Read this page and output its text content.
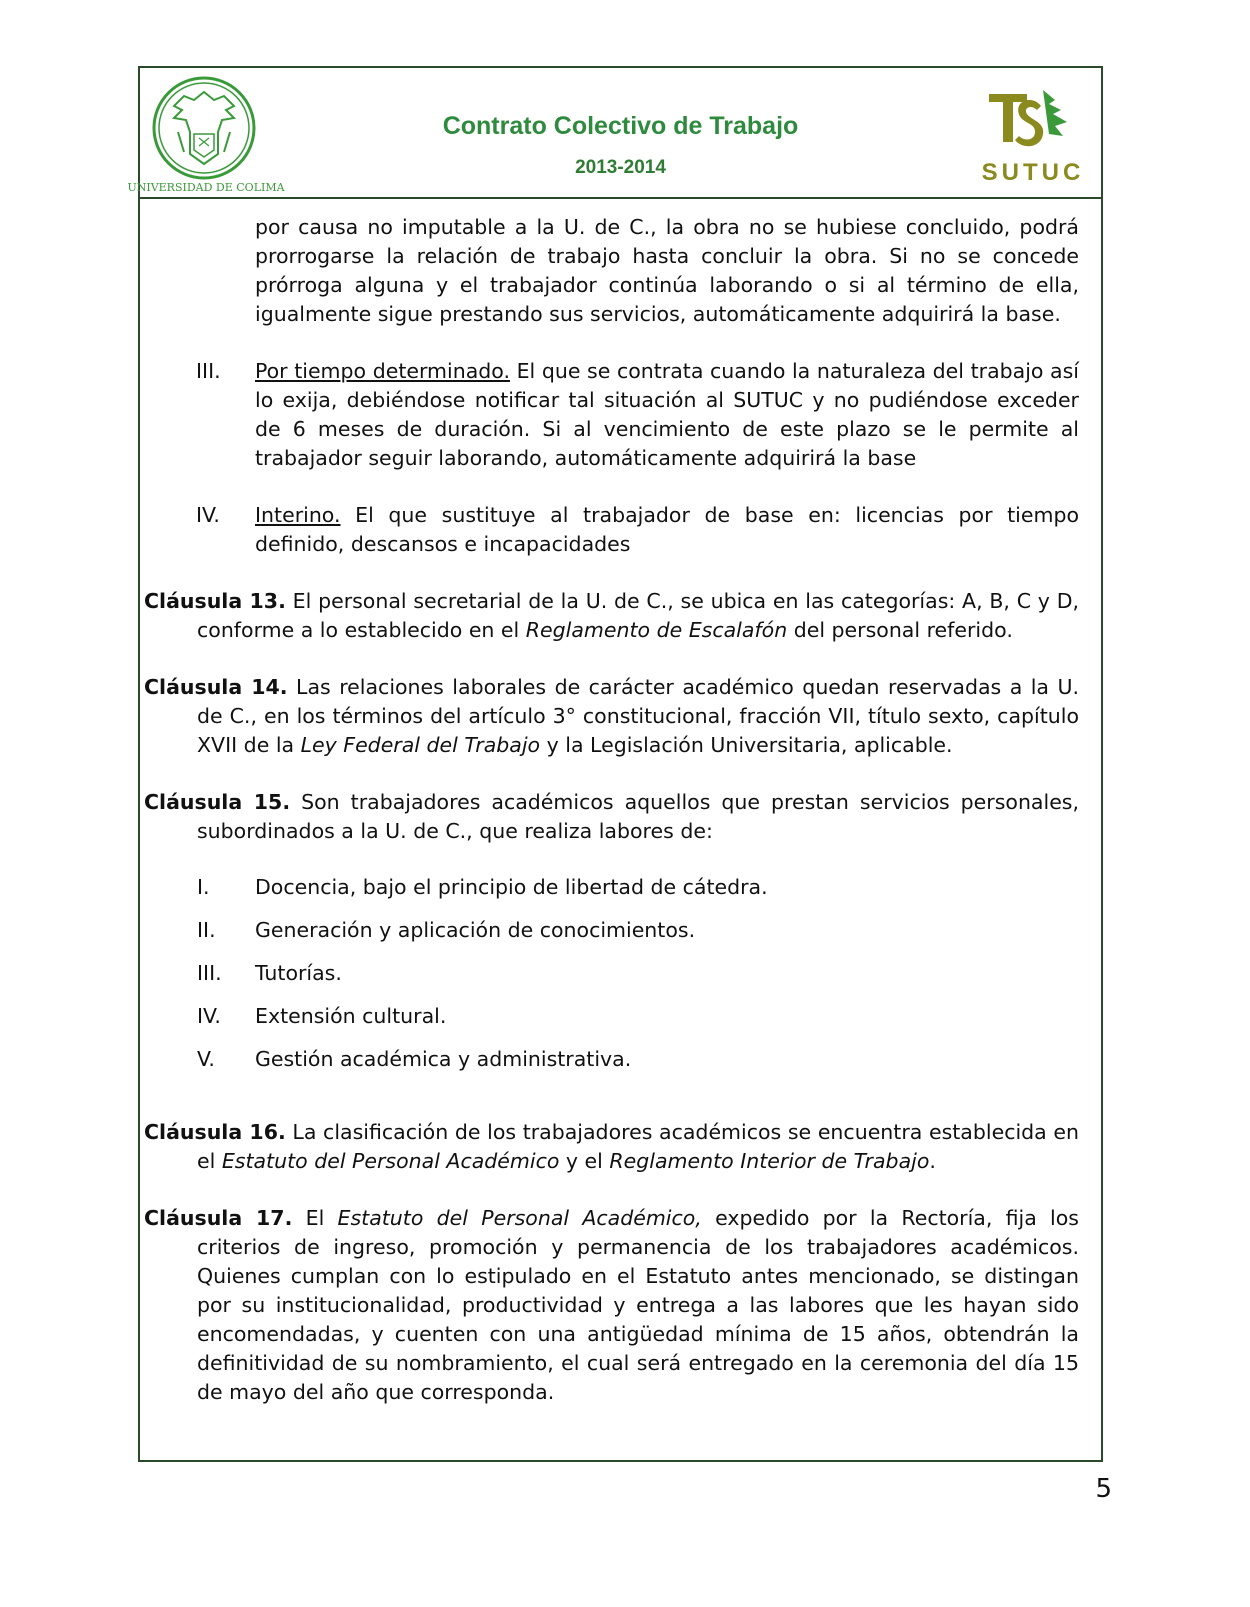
UNIVERSIDAD DE COLIMA
Contrato Colectivo de Trabajo
2013-2014	SUTUC

por causa no imputable a la U. de C., la obra no se hubiese concluido, podrá prorrogarse la relación de trabajo hasta concluir la obra. Si no se concede prórroga alguna y el trabajador continúa laborando o si al término de ella, igualmente sigue prestando sus servicios, automáticamente adquirirá la base.

III. Por tiempo determinado. El que se contrata cuando la naturaleza del trabajo así lo exija, debiéndose notificar tal situación al SUTUC y no pudiéndose exceder de 6 meses de duración. Si al vencimiento de este plazo se le permite al trabajador seguir laborando, automáticamente adquirirá la base

IV. Interino. El que sustituye al trabajador de base en: licencias por tiempo definido, descansos e incapacidades

Cláusula 13. El personal secretarial de la U. de C., se ubica en las categorías: A, B, C y D, conforme a lo establecido en el Reglamento de Escalafón del personal referido.

Cláusula 14. Las relaciones laborales de carácter académico quedan reservadas a la U. de C., en los términos del artículo 3° constitucional, fracción VII, título sexto, capítulo XVII de la Ley Federal del Trabajo y la Legislación Universitaria, aplicable.

Cláusula 15. Son trabajadores académicos aquellos que prestan servicios personales, subordinados a la U. de C., que realiza labores de:

I. Docencia, bajo el principio de libertad de cátedra.
II. Generación y aplicación de conocimientos.
III. Tutorías.
IV. Extensión cultural.
V. Gestión académica y administrativa.

Cláusula 16. La clasificación de los trabajadores académicos se encuentra establecida en el Estatuto del Personal Académico y el Reglamento Interior de Trabajo.

Cláusula 17. El Estatuto del Personal Académico, expedido por la Rectoría, fija los criterios de ingreso, promoción y permanencia de los trabajadores académicos. Quienes cumplan con lo estipulado en el Estatuto antes mencionado, se distingan por su institucionalidad, productividad y entrega a las labores que les hayan sido encomendadas, y cuenten con una antigüedad mínima de 15 años, obtendrán la definitividad de su nombramiento, el cual será entregado en la ceremonia del día 15 de mayo del año que corresponda.

5
